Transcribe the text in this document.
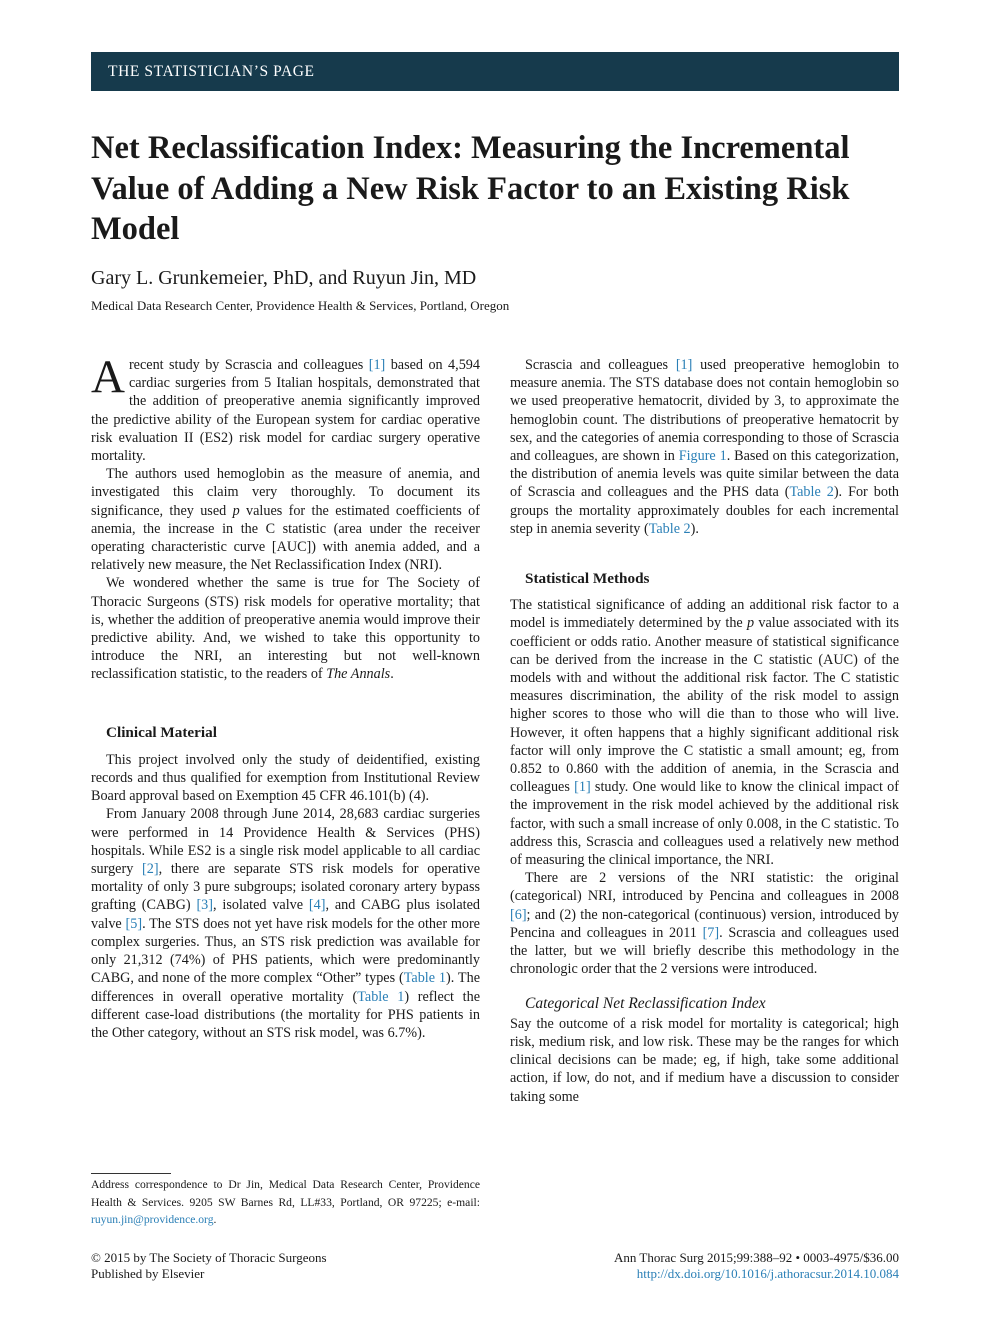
THE STATISTICIAN’S PAGE
Net Reclassification Index: Measuring the Incremental Value of Adding a New Risk Factor to an Existing Risk Model
Gary L. Grunkemeier, PhD, and Ruyun Jin, MD
Medical Data Research Center, Providence Health & Services, Portland, Oregon

A recent study by Scrascia and colleagues [1] based on 4,594 cardiac surgeries from 5 Italian hospitals, demonstrated that the addition of preoperative anemia significantly improved the predictive ability of the European system for cardiac operative risk evaluation II (ES2) risk model for cardiac surgery operative mortality.

The authors used hemoglobin as the measure of anemia, and investigated this claim very thoroughly. To document its significance, they used p values for the estimated coefficients of anemia, the increase in the C statistic (area under the receiver operating characteristic curve [AUC]) with anemia added, and a relatively new measure, the Net Reclassification Index (NRI).

We wondered whether the same is true for The Society of Thoracic Surgeons (STS) risk models for operative mortality; that is, whether the addition of preoperative anemia would improve their predictive ability. And, we wished to take this opportunity to introduce the NRI, an interesting but not well-known reclassification statistic, to the readers of The Annals.

Clinical Material

This project involved only the study of deidentified, existing records and thus qualified for exemption from Institutional Review Board approval based on Exemption 45 CFR 46.101(b) (4).

From January 2008 through June 2014, 28,683 cardiac surgeries were performed in 14 Providence Health & Services (PHS) hospitals. While ES2 is a single risk model applicable to all cardiac surgery [2], there are separate STS risk models for operative mortality of only 3 pure subgroups; isolated coronary artery bypass grafting (CABG) [3], isolated valve [4], and CABG plus isolated valve [5]. The STS does not yet have risk models for the other more complex surgeries. Thus, an STS risk prediction was available for only 21,312 (74%) of PHS patients, which were predominantly CABG, and none of the more complex “Other” types (Table 1). The differences in overall operative mortality (Table 1) reflect the different case-load distributions (the mortality for PHS patients in the Other category, without an STS risk model, was 6.7%).

Address correspondence to Dr Jin, Medical Data Research Center, Providence Health & Services. 9205 SW Barnes Rd, LL#33, Portland, OR 97225; e-mail: ruyun.jin@providence.org.

Scrascia and colleagues [1] used preoperative hemoglobin to measure anemia. The STS database does not contain hemoglobin so we used preoperative hematocrit, divided by 3, to approximate the hemoglobin count. The distributions of preoperative hematocrit by sex, and the categories of anemia corresponding to those of Scrascia and colleagues, are shown in Figure 1. Based on this categorization, the distribution of anemia levels was quite similar between the data of Scrascia and colleagues and the PHS data (Table 2). For both groups the mortality approximately doubles for each incremental step in anemia severity (Table 2).

Statistical Methods

The statistical significance of adding an additional risk factor to a model is immediately determined by the p value associated with its coefficient or odds ratio. Another measure of statistical significance can be derived from the increase in the C statistic (AUC) of the models with and without the additional risk factor. The C statistic measures discrimination, the ability of the risk model to assign higher scores to those who will die than to those who will live. However, it often happens that a highly significant additional risk factor will only improve the C statistic a small amount; eg, from 0.852 to 0.860 with the addition of anemia, in the Scrascia and colleagues [1] study. One would like to know the clinical impact of the improvement in the risk model achieved by the additional risk factor, with such a small increase of only 0.008, in the C statistic. To address this, Scrascia and colleagues used a relatively new method of measuring the clinical importance, the NRI.

There are 2 versions of the NRI statistic: the original (categorical) NRI, introduced by Pencina and colleagues in 2008 [6]; and (2) the non-categorical (continuous) version, introduced by Pencina and colleagues in 2011 [7]. Scrascia and colleagues used the latter, but we will briefly describe this methodology in the chronologic order that the 2 versions were introduced.

Categorical Net Reclassification Index

Say the outcome of a risk model for mortality is categorical; high risk, medium risk, and low risk. These may be the ranges for which clinical decisions can be made; eg, if high, take some additional action, if low, do not, and if medium have a discussion to consider taking some

© 2015 by The Society of Thoracic Surgeons
Published by Elsevier
Ann Thorac Surg 2015;99:388–92 • 0003-4975/$36.00
http://dx.doi.org/10.1016/j.athoracsur.2014.10.084
